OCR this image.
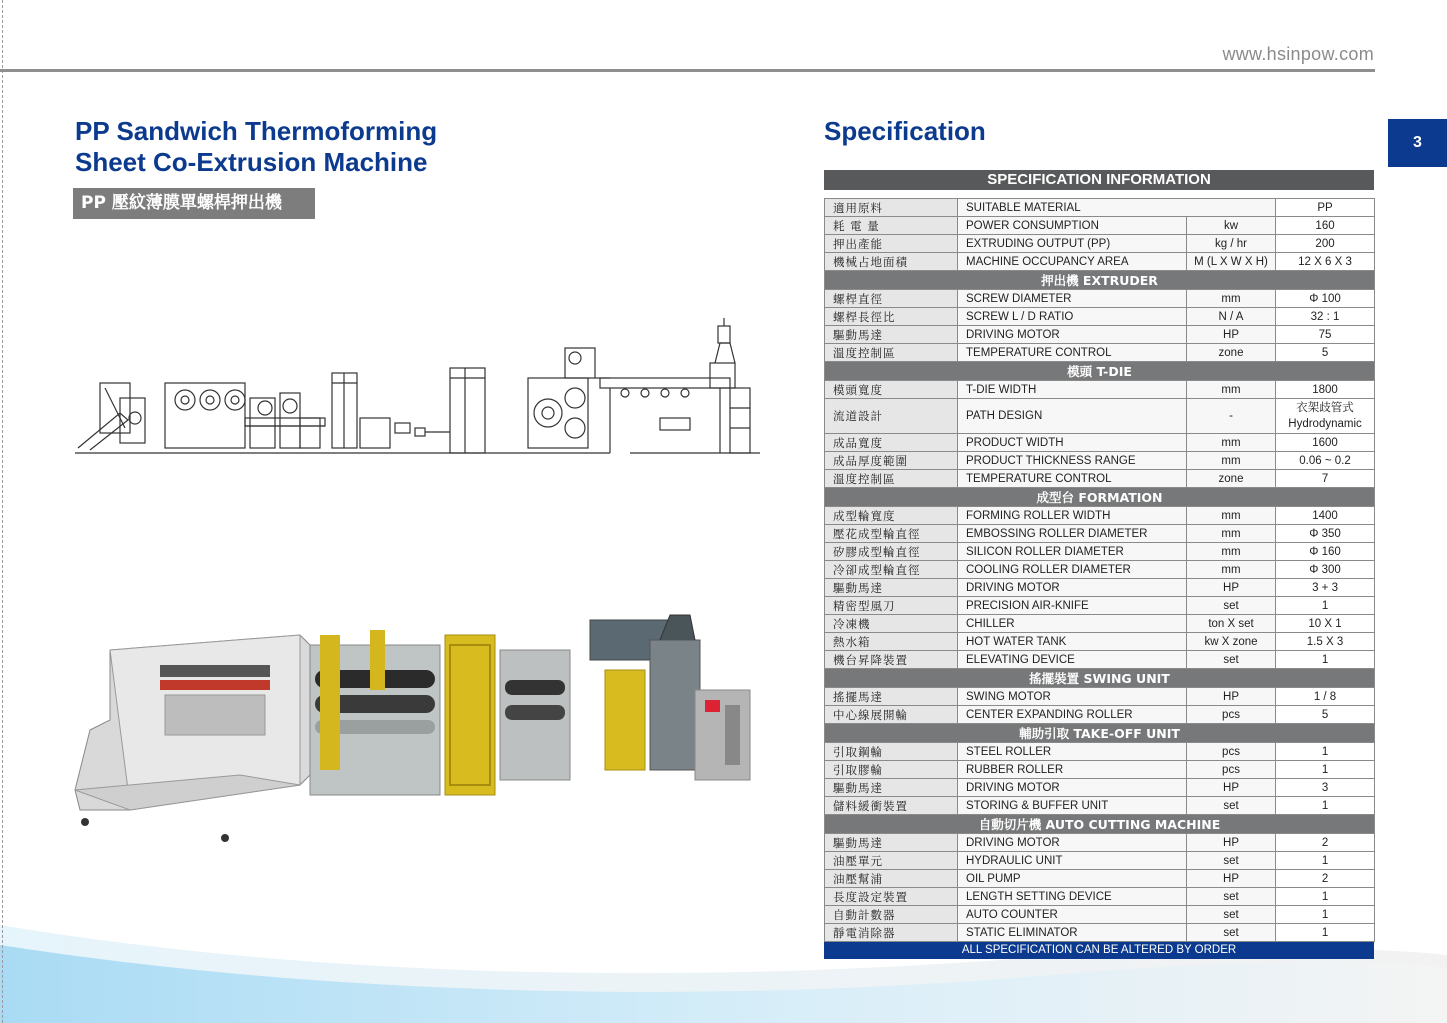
www.hsinpow.com
3
PP Sandwich Thermoforming
Sheet Co-Extrusion Machine
PP 壓紋薄膜單螺桿押出機
Specification
SPECIFICATION INFORMATION
適用原料	SUITABLE MATERIAL		PP
耗 電 量	POWER CONSUMPTION	kw	160
押出產能	EXTRUDING OUTPUT (PP)	kg / hr	200
機械占地面積	MACHINE OCCUPANCY AREA	M (L X W X H)	12 X 6 X 3
押出機 EXTRUDER			
螺桿直徑	SCREW DIAMETER	mm	Φ 100
螺桿長徑比	SCREW L / D RATIO	N / A	32 : 1
驅動馬達	DRIVING MOTOR	HP	75
溫度控制區	TEMPERATURE CONTROL	zone	5
模頭 T-DIE			
模頭寬度	T-DIE WIDTH	mm	1800
流道設計	PATH DESIGN	-	衣架歧管式
Hydrodynamic

成品寬度	PRODUCT WIDTH	mm	1600
成品厚度範圍	PRODUCT THICKNESS RANGE	mm	0.06 ~ 0.2
溫度控制區	TEMPERATURE CONTROL	zone	7
成型台 FORMATION			
成型輪寬度	FORMING ROLLER WIDTH	mm	1400
壓花成型輪直徑	EMBOSSING ROLLER DIAMETER	mm	Φ 350
矽膠成型輪直徑	SILICON ROLLER DIAMETER	mm	Φ 160
冷卻成型輪直徑	COOLING ROLLER DIAMETER	mm	Φ 300
驅動馬達	DRIVING MOTOR	HP	3 + 3
精密型風刀	PRECISION AIR-KNIFE	set	1
冷凍機	CHILLER	ton X set	10 X 1
熱水箱	HOT WATER TANK	kw X zone	1.5 X 3
機台昇降裝置	ELEVATING DEVICE	set	1
搖擺裝置 SWING UNIT			
搖擺馬達	SWING MOTOR	HP	1 / 8
中心線展開輪	CENTER EXPANDING ROLLER	pcs	5
輔助引取 TAKE-OFF UNIT			
引取鋼輪	STEEL ROLLER	pcs	1
引取膠輪	RUBBER ROLLER	pcs	1
驅動馬達	DRIVING MOTOR	HP	3
儲料緩衝裝置	STORING & BUFFER UNIT	set	1
自動切片機 AUTO CUTTING MACHINE			
驅動馬達	DRIVING MOTOR	HP	2
油壓單元	HYDRAULIC UNIT	set	1
油壓幫浦	OIL PUMP	HP	2
長度設定裝置	LENGTH SETTING DEVICE	set	1
自動計數器	AUTO COUNTER	set	1
靜電消除器	STATIC ELIMINATOR	set	1
ALL SPECIFICATION CAN BE ALTERED BY ORDER
